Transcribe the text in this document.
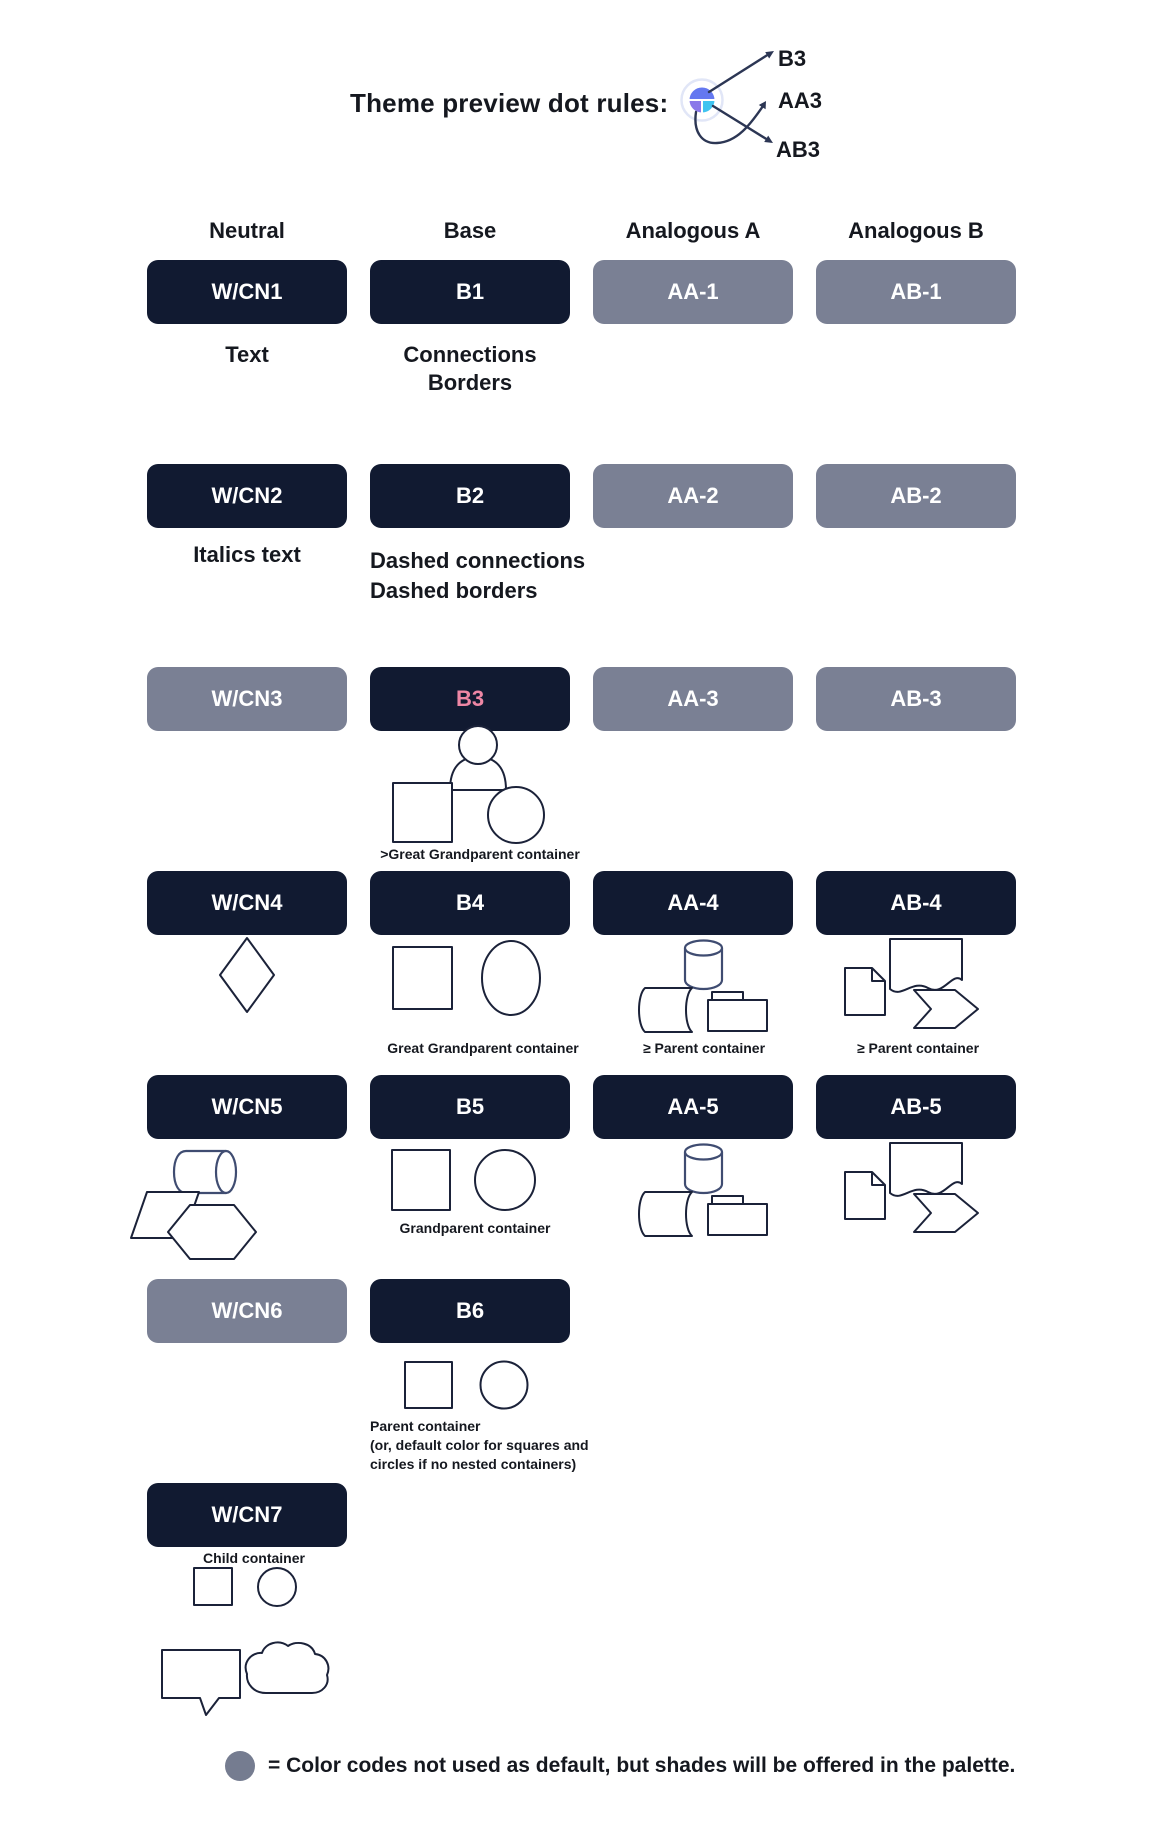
Theme preview dot rules:
B3
AA3
AB3
Neutral	Base	Analogous A	Analogous B
W/CN1	B1	AA-1	AB-1
W/CN2	B2	AA-2	AB-2
W/CN3	B3	AA-3	AB-3
W/CN4	B4	AA-4	AB-4
W/CN5	B5	AA-5	AB-5
W/CN6	B6
W/CN7
Text	Connections
Borders
Italics text	Dashed connections
Dashed borders
>Great Grandparent container
Great Grandparent container	≥ Parent container	≥ Parent container
Grandparent container
Parent container
(or, default color for squares and
circles if no nested containers)
Child container
= Color codes not used as default, but shades will be offered in the palette.
